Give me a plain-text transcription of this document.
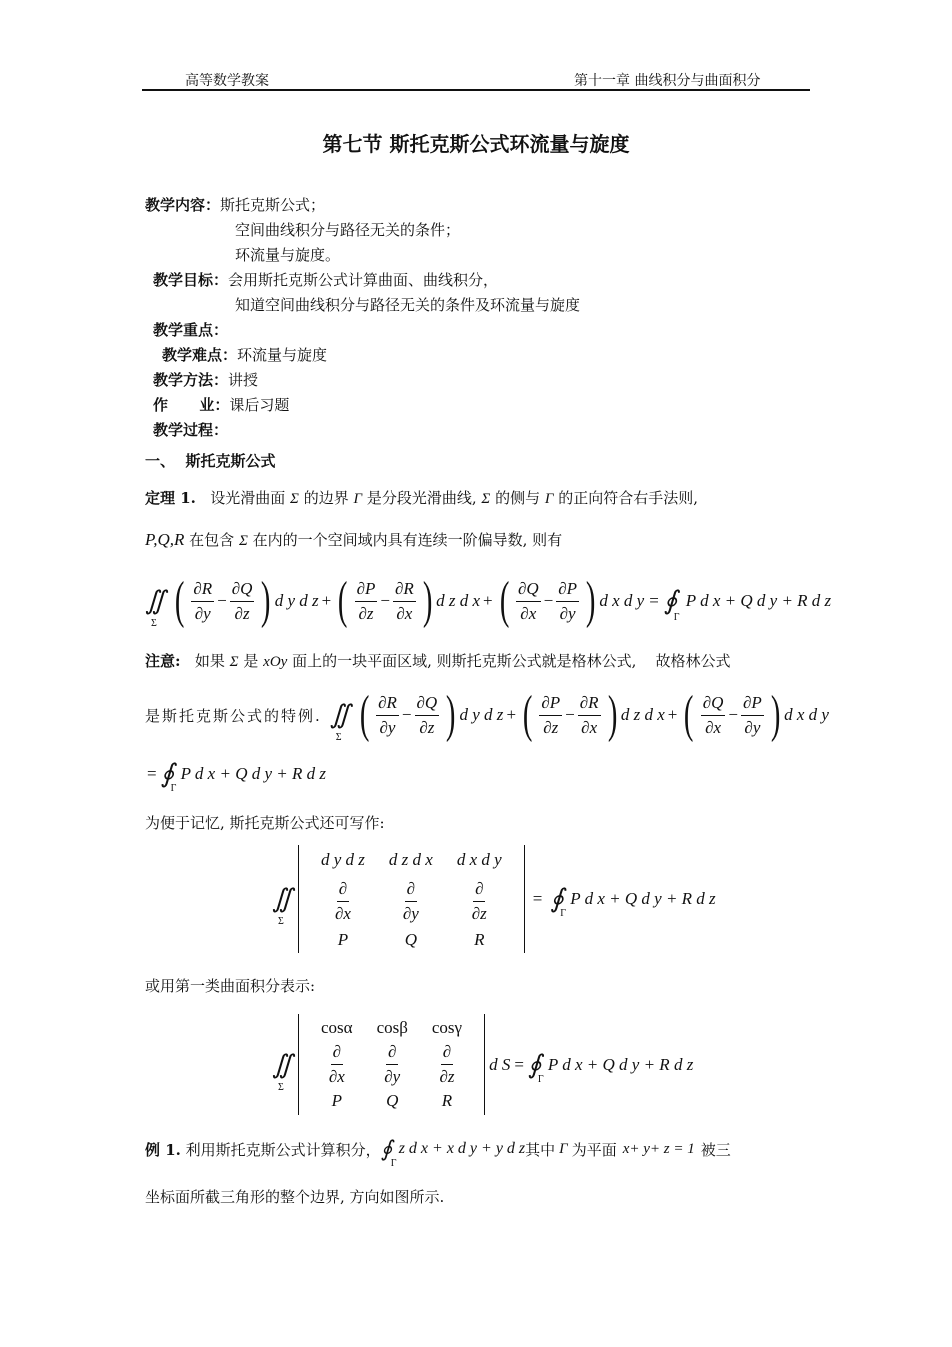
高等数学教案	第十一章 曲线积分与曲面积分
第七节 斯托克斯公式环流量与旋度
教学内容：斯托克斯公式；
空间曲线积分与路径无关的条件；
环流量与旋度。
教学目标：会用斯托克斯公式计算曲面、曲线积分，
知道空间曲线积分与路径无关的条件及环流量与旋度
教学重点：
教学难点：环流量与旋度
教学方法：讲授
作      业：课后习题
教学过程：
一、  斯托克斯公式
定理 1. 设光滑曲面 Σ 的边界 Γ 是分段光滑曲线, Σ 的侧与 Γ 的正向符合右手法则,
P,Q,R 在包含 Σ 在内的一个空间域内具有连续一阶偏导数, 则有
∬
Σ ( $\frac{\partial R}{\partial y} - \frac{\partial Q}{\partial z}$ ) d y d z + ( $\frac{\partial P}{\partial z} - \frac{\partial R}{\partial x}$ ) d z d x + ( $\frac{\partial Q}{\partial x} - \frac{\partial P}{\partial y}$ ) d x d y = ∮
Γ
P d x + Q d y + R d z
注意: 如果 Σ 是 xOy 面上的一块平面区域, 则斯托克斯公式就是格林公式, 故格林公式
是斯托克斯公式的特例. ∬
Σ ( $\frac{\partial R}{\partial y} - \frac{\partial Q}{\partial z}$ ) d y d z + ( $\frac{\partial P}{\partial z} - \frac{\partial R}{\partial x}$ ) d z d x + ( $\frac{\partial Q}{\partial x} - \frac{\partial P}{\partial y}$ ) d x d y
= ∮
Γ
P d x + Q d y + R d z
为便于记忆, 斯托克斯公式还可写作:
∬
Σ
d y d z	d z d x	d x d y

$\frac{\partial}{\partial x}$	$\frac{\partial}{\partial y}$	$\frac{\partial}{\partial z}$

P	Q	R
= ∮
Γ
P d x + Q d y + R d z
或用第一类曲面积分表示:
∬
Σ
cosα	cosβ	cosγ

$\frac{\partial}{\partial x}$	$\frac{\partial}{\partial y}$	$\frac{\partial}{\partial z}$

P	Q	R
d S = ∮
Γ
P d x + Q d y + R d z
例 1.
利用斯托克斯公式计算积分， ∮
Γ
z d x + x d y + y d z 其中 Γ 为平面 x+ y+ z = 1 被三
坐标面所截三角形的整个边界, 方向如图所示.
